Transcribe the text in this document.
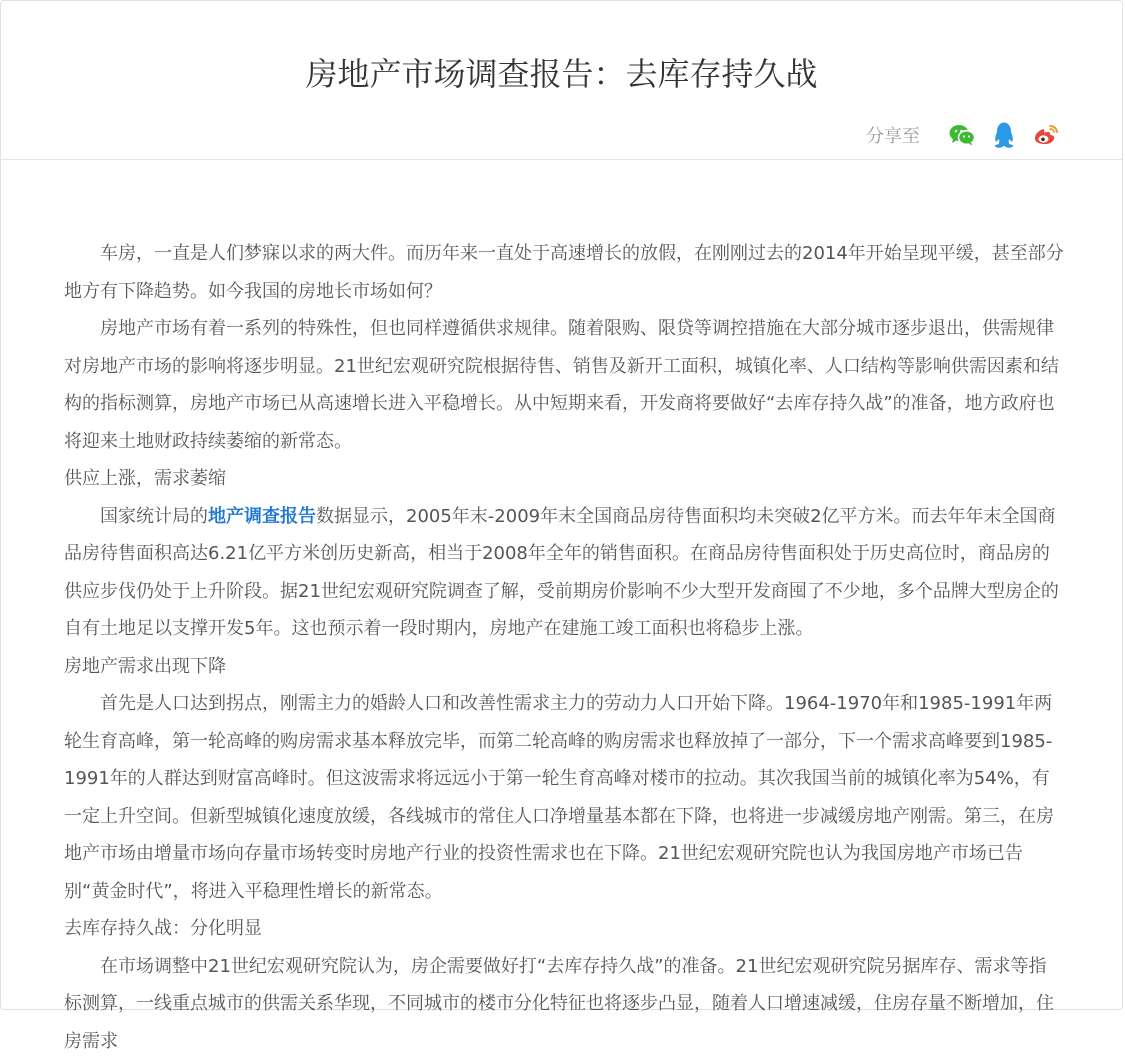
房地产市场调查报告：去库存持久战
分享至

车房，一直是人们梦寐以求的两大件。而历年来一直处于高速增长的放假，在刚刚过去的2014年开始呈现平缓，甚至部分地方有下降趋势。如今我国的房地长市场如何？

房地产市场有着一系列的特殊性，但也同样遵循供求规律。随着限购、限贷等调控措施在大部分城市逐步退出，供需规律对房地产市场的影响将逐步明显。21世纪宏观研究院根据待售、销售及新开工面积，城镇化率、人口结构等影响供需因素和结构的指标测算，房地产市场已从高速增长进入平稳增长。从中短期来看，开发商将要做好“去库存持久战”的准备，地方政府也将迎来土地财政持续萎缩的新常态。

供应上涨，需求萎缩

国家统计局的地产调查报告数据显示，2005年末-2009年末全国商品房待售面积均未突破2亿平方米。而去年年末全国商品房待售面积高达6.21亿平方米创历史新高，相当于2008年全年的销售面积。在商品房待售面积处于历史高位时，商品房的供应步伐仍处于上升阶段。据21世纪宏观研究院调查了解，受前期房价影响不少大型开发商囤了不少地，多个品牌大型房企的自有土地足以支撑开发5年。这也预示着一段时期内，房地产在建施工竣工面积也将稳步上涨。

房地产需求出现下降

首先是人口达到拐点，刚需主力的婚龄人口和改善性需求主力的劳动力人口开始下降。1964-1970年和1985-1991年两轮生育高峰，第一轮高峰的购房需求基本释放完毕，而第二轮高峰的购房需求也释放掉了一部分，下一个需求高峰要到1985-1991年的人群达到财富高峰时。但这波需求将远远小于第一轮生育高峰对楼市的拉动。其次我国当前的城镇化率为54%，有一定上升空间。但新型城镇化速度放缓，各线城市的常住人口净增量基本都在下降，也将进一步减缓房地产刚需。第三，在房地产市场由增量市场向存量市场转变时房地产行业的投资性需求也在下降。21世纪宏观研究院也认为我国房地产市场已告别“黄金时代”，将进入平稳理性增长的新常态。

去库存持久战：分化明显

在市场调整中21世纪宏观研究院认为，房企需要做好打“去库存持久战”的准备。21世纪宏观研究院另据库存、需求等指标测算，一线重点城市的供需关系华现，不同城市的楼市分化特征也将逐步凸显，随着人口增速减缓，住房存量不断增加，住房需求
